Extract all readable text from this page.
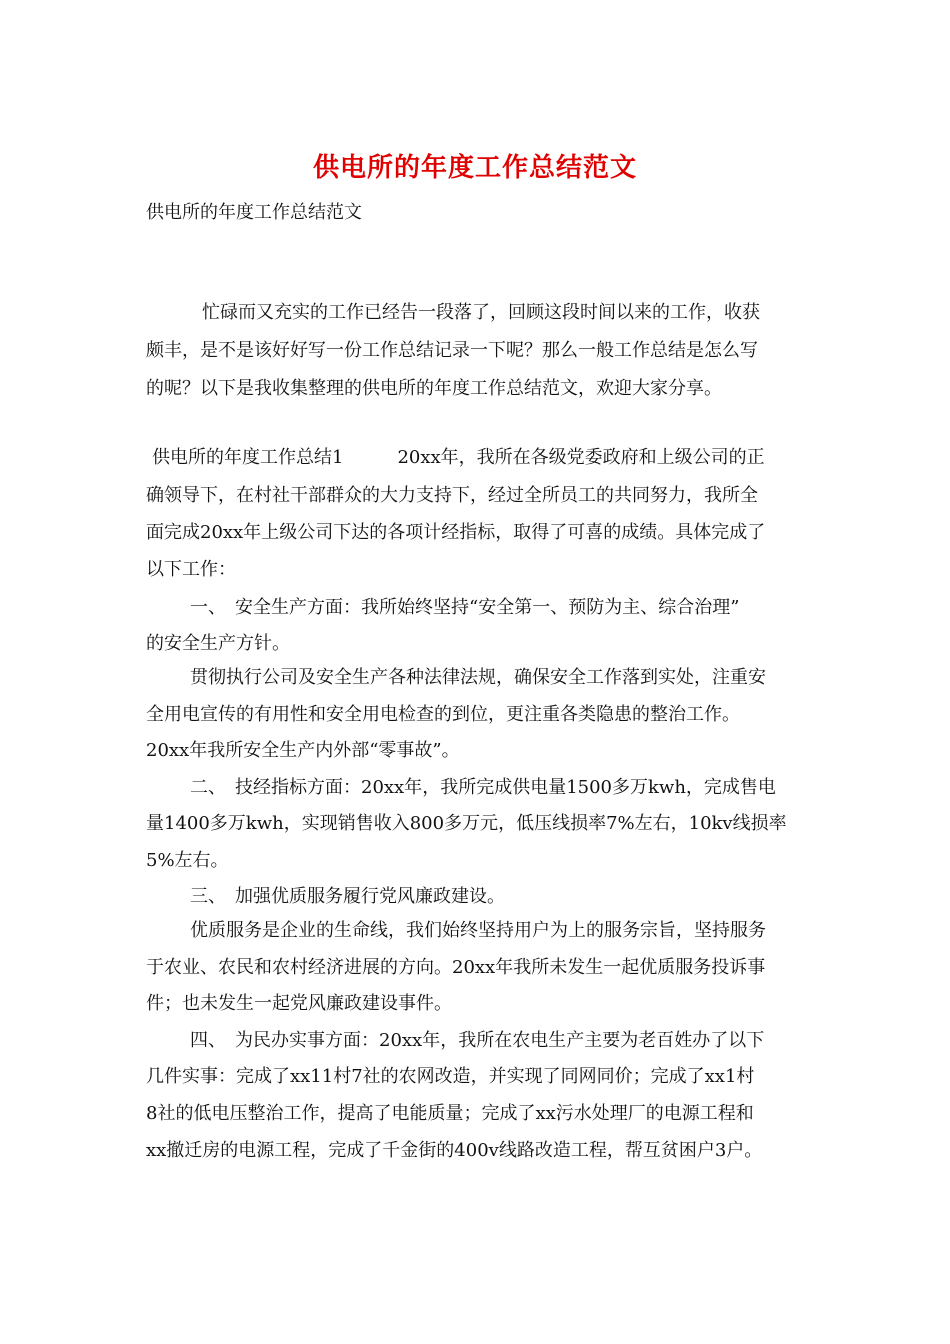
供电所的年度工作总结范文
供电所的年度工作总结范文
忙碌而又充实的工作已经告一段落了，回顾这段时间以来的工作，收获
颇丰，是不是该好好写一份工作总结记录一下呢？那么一般工作总结是怎么写
的呢？以下是我收集整理的供电所的年度工作总结范文，欢迎大家分享。
供电所的年度工作总结1　　　20xx年，我所在各级党委政府和上级公司的正
确领导下，在村社干部群众的大力支持下，经过全所员工的共同努力，我所全
面完成20xx年上级公司下达的各项计经指标，取得了可喜的成绩。具体完成了
以下工作：
一、　安全生产方面：我所始终坚持“安全第一、预防为主、综合治理”
的安全生产方针。
贯彻执行公司及安全生产各种法律法规，确保安全工作落到实处，注重安
全用电宣传的有用性和安全用电检查的到位，更注重各类隐患的整治工作。
20xx年我所安全生产内外部“零事故”。
二、　技经指标方面：20xx年，我所完成供电量1500多万kwh，完成售电
量1400多万kwh，实现销售收入800多万元，低压线损率7%左右，10kv线损率
5%左右。
三、　加强优质服务履行党风廉政建设。
优质服务是企业的生命线，我们始终坚持用户为上的服务宗旨，坚持服务
于农业、农民和农村经济进展的方向。20xx年我所未发生一起优质服务投诉事
件；也未发生一起党风廉政建设事件。
四、　为民办实事方面：20xx年，我所在农电生产主要为老百姓办了以下
几件实事：完成了xx11村7社的农网改造，并实现了同网同价；完成了xx1村
8社的低电压整治工作，提高了电能质量；完成了xx污水处理厂的电源工程和
xx撤迁房的电源工程，完成了千金街的400v线路改造工程，帮互贫困户3户。
